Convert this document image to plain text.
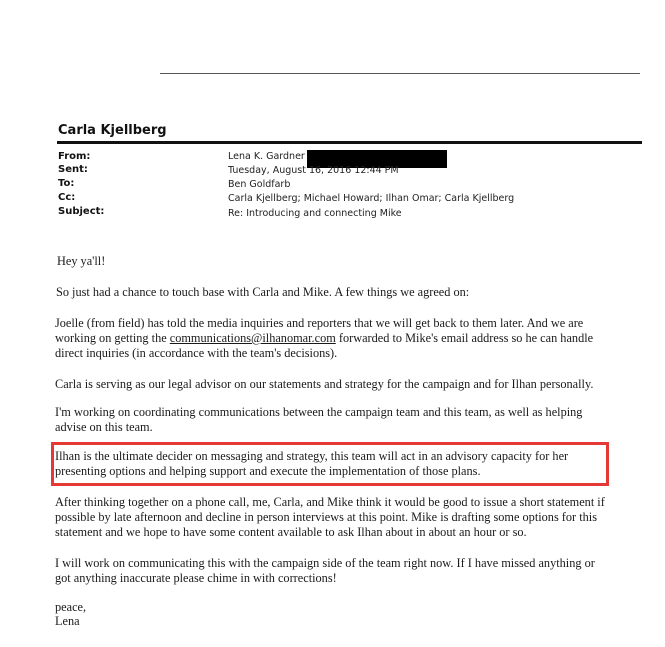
Carla Kjellberg
From:	Lena K. Gardner
Sent:	Tuesday, August 16, 2016 12:44 PM
To:	Ben Goldfarb
Cc:	Carla Kjellberg; Michael Howard; Ilhan Omar; Carla Kjellberg
Subject:	Re: Introducing and connecting Mike
Hey ya'll!
So just had a chance to touch base with Carla and Mike. A few things we agreed on:
Joelle (from field) has told the media inquiries and reporters that we will get back to them later. And we are
working on getting the communications@ilhanomar.com forwarded to Mike's email address so he can handle
direct inquiries (in accordance with the team's decisions).
Carla is serving as our legal advisor on our statements and strategy for the campaign and for Ilhan personally.
I'm working on coordinating communications between the campaign team and this team, as well as helping
advise on this team.
Ilhan is the ultimate decider on messaging and strategy, this team will act in an advisory capacity for her
presenting options and helping support and execute the implementation of those plans.
After thinking together on a phone call, me, Carla, and Mike think it would be good to issue a short statement if
possible by late afternoon and decline in person interviews at this point. Mike is drafting some options for this
statement and we hope to have some content available to ask Ilhan about in about an hour or so.
I will work on communicating this with the campaign side of the team right now. If I have missed anything or
got anything inaccurate please chime in with corrections!
peace,
Lena
